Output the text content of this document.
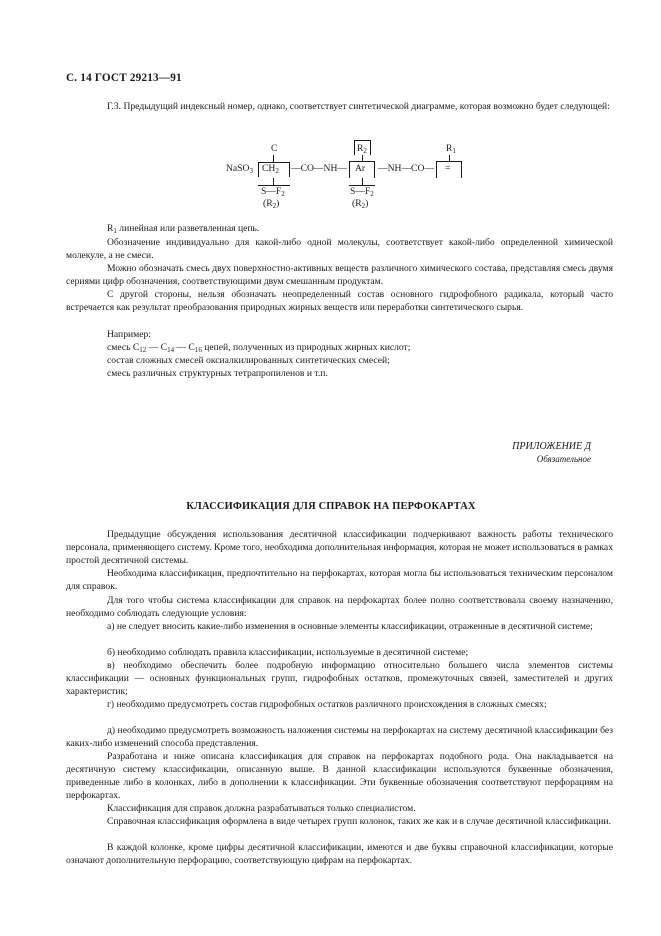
С. 14 ГОСТ 29213—91

Г.3. Предыдущий индексный номер, однако, соответствует синтетической диаграмме, которая возможно будет следующей:

C	$R_2$	$R_1$
NaSO$_3$ $CH_2$ —CO—NH— Ar —NH—CO— =
$S—F_2$	$S—F_2$
$(R_2)$	$(R_2)$

$R_1$ линейная или разветвленная цепь.

Обозначение индивидуально для какой-либо одной молекулы, соответствует какой-либо определенной химической молекуле, а не смеси.

Можно обозначать смесь двух поверхностно-активных веществ различного химического состава, представляя смесь двумя сериями цифр обозначения, соответствующими двум смешанным продуктам.

С другой стороны, нельзя обозначать неопределенный состав основного гидрофобного радикала, который часто встречается как результат преобразования природных жирных веществ или переработки синтетического сырья.

Например:

смесь $C_{12}$ — $C_{14}$ — $C_{16}$ цепей, полученных из природных жирных кислот;

состав сложных смесей оксиалкилированных синтетических смесей;

смесь различных структурных тетрапропиленов и т.п.

ПРИЛОЖЕНИЕ Д
Обязательное
КЛАССИФИКАЦИЯ ДЛЯ СПРАВОК НА ПЕРФОКАРТАХ

Предыдущие обсуждения использования десятичной классификации подчеркивают важность работы технического персонала, применяющего систему. Кроме того, необходима дополнительная информация, которая не может использоваться в рамках простой десятичной системы.

Необходима классификация, предпочтительно на перфокартах, которая могла бы использоваться техническим персоналом для справок.

Для того чтобы система классификации для справок на перфокартах более полно соответствовала своему назначению, необходимо соблюдать следующие условия:

а) не следует вносить какие-либо изменения в основные элементы классификации, отраженные в десятичной системе;

б) необходимо соблюдать правила классификации, используемые в десятичной системе;

в) необходимо обеспечить более подробную информацию относительно большего числа элементов системы классификации — основных функциональных групп, гидрофобных остатков, промежуточных связей, заместителей и других характеристик;

г) необходимо предусмотреть состав гидрофобных остатков различного происхождения в сложных смесях;

д) необходимо предусмотреть возможность наложения системы на перфокартах на систему десятичной классификации без каких-либо изменений способа представления.

Разработана и ниже описана классификация для справок на перфокартах подобного рода. Она накладывается на десятичную систему классификации, описанную выше. В данной классификации используются буквенные обозначения, приведенные либо в колонках, либо в дополнении к классификации. Эти буквенные обозначения соответствуют перфорациям на перфокартах.

Классификация для справок должна разрабатываться только специалистом.

Справочная классификация оформлена в виде четырех групп колонок, таких же как и в случае десятичной классификации.

В каждой колонке, кроме цифры десятичной классификации, имеются и две буквы справочной классификации, которые означают дополнительную перфорацию, соответствующую цифрам на перфокартах.
